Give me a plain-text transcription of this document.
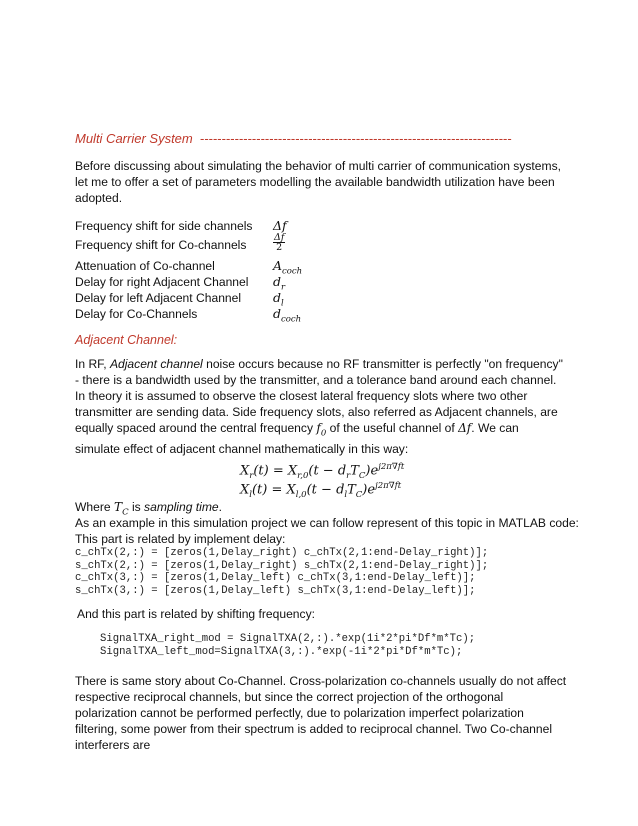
Multi Carrier System ------------------------------------------------------------------------

Before discussing about simulating the behavior of multi carrier of communication systems, let me to offer a set of parameters modelling the available bandwidth utilization have been adopted.

Frequency shift for side channels	Δf
Frequency shift for Co-channels	$\frac{\Delta f}{2}$
Attenuation of Co-channel	$A_{coch}$
Delay for right Adjacent Channel	$d_r$
Delay for left Adjacent Channel	$d_l$
Delay for Co-Channels	$d_{coch}$
Adjacent Channel:

In RF, Adjacent channel noise occurs because no RF transmitter is perfectly "on frequency" - there is a bandwidth used by the transmitter, and a tolerance band around each channel. In theory it is assumed to observe the closest lateral frequency slots where two other transmitter are sending data. Side frequency slots, also referred as Adjacent channels, are equally spaced around the central frequency $f_0$ of the useful channel of Δf. We can simulate effect of adjacent channel mathematically in this way:

$X_r(t) = X_{r,0}(t - d_rT_C)e^{j2\pi\nabla ft}$
$X_l(t) = X_{l,0}(t - d_lT_C)e^{j2\pi\nabla ft}$

Where $T_C$ is sampling time.

As an example in this simulation project we can follow represent of this topic in MATLAB code:

This part is related by implement delay:

c_chTx(2,:) = [zeros(1,Delay_right) c_chTx(2,1:end-Delay_right)];
s_chTx(2,:) = [zeros(1,Delay_right) s_chTx(2,1:end-Delay_right)];
c_chTx(3,:) = [zeros(1,Delay_left) c_chTx(3,1:end-Delay_left)];
s_chTx(3,:) = [zeros(1,Delay_left) s_chTx(3,1:end-Delay_left)];

And this part is related by shifting frequency:

SignalTXA_right_mod = SignalTXA(2,:).*exp(1i*2*pi*Df*m*Tc);
SignalTXA_left_mod=SignalTXA(3,:).*exp(-1i*2*pi*Df*m*Tc);

There is same story about Co-Channel. Cross-polarization co-channels usually do not affect respective reciprocal channels, but since the correct projection of the orthogonal polarization cannot be performed perfectly, due to polarization imperfect polarization filtering, some power from their spectrum is added to reciprocal channel. Two Co-channel interferers are
